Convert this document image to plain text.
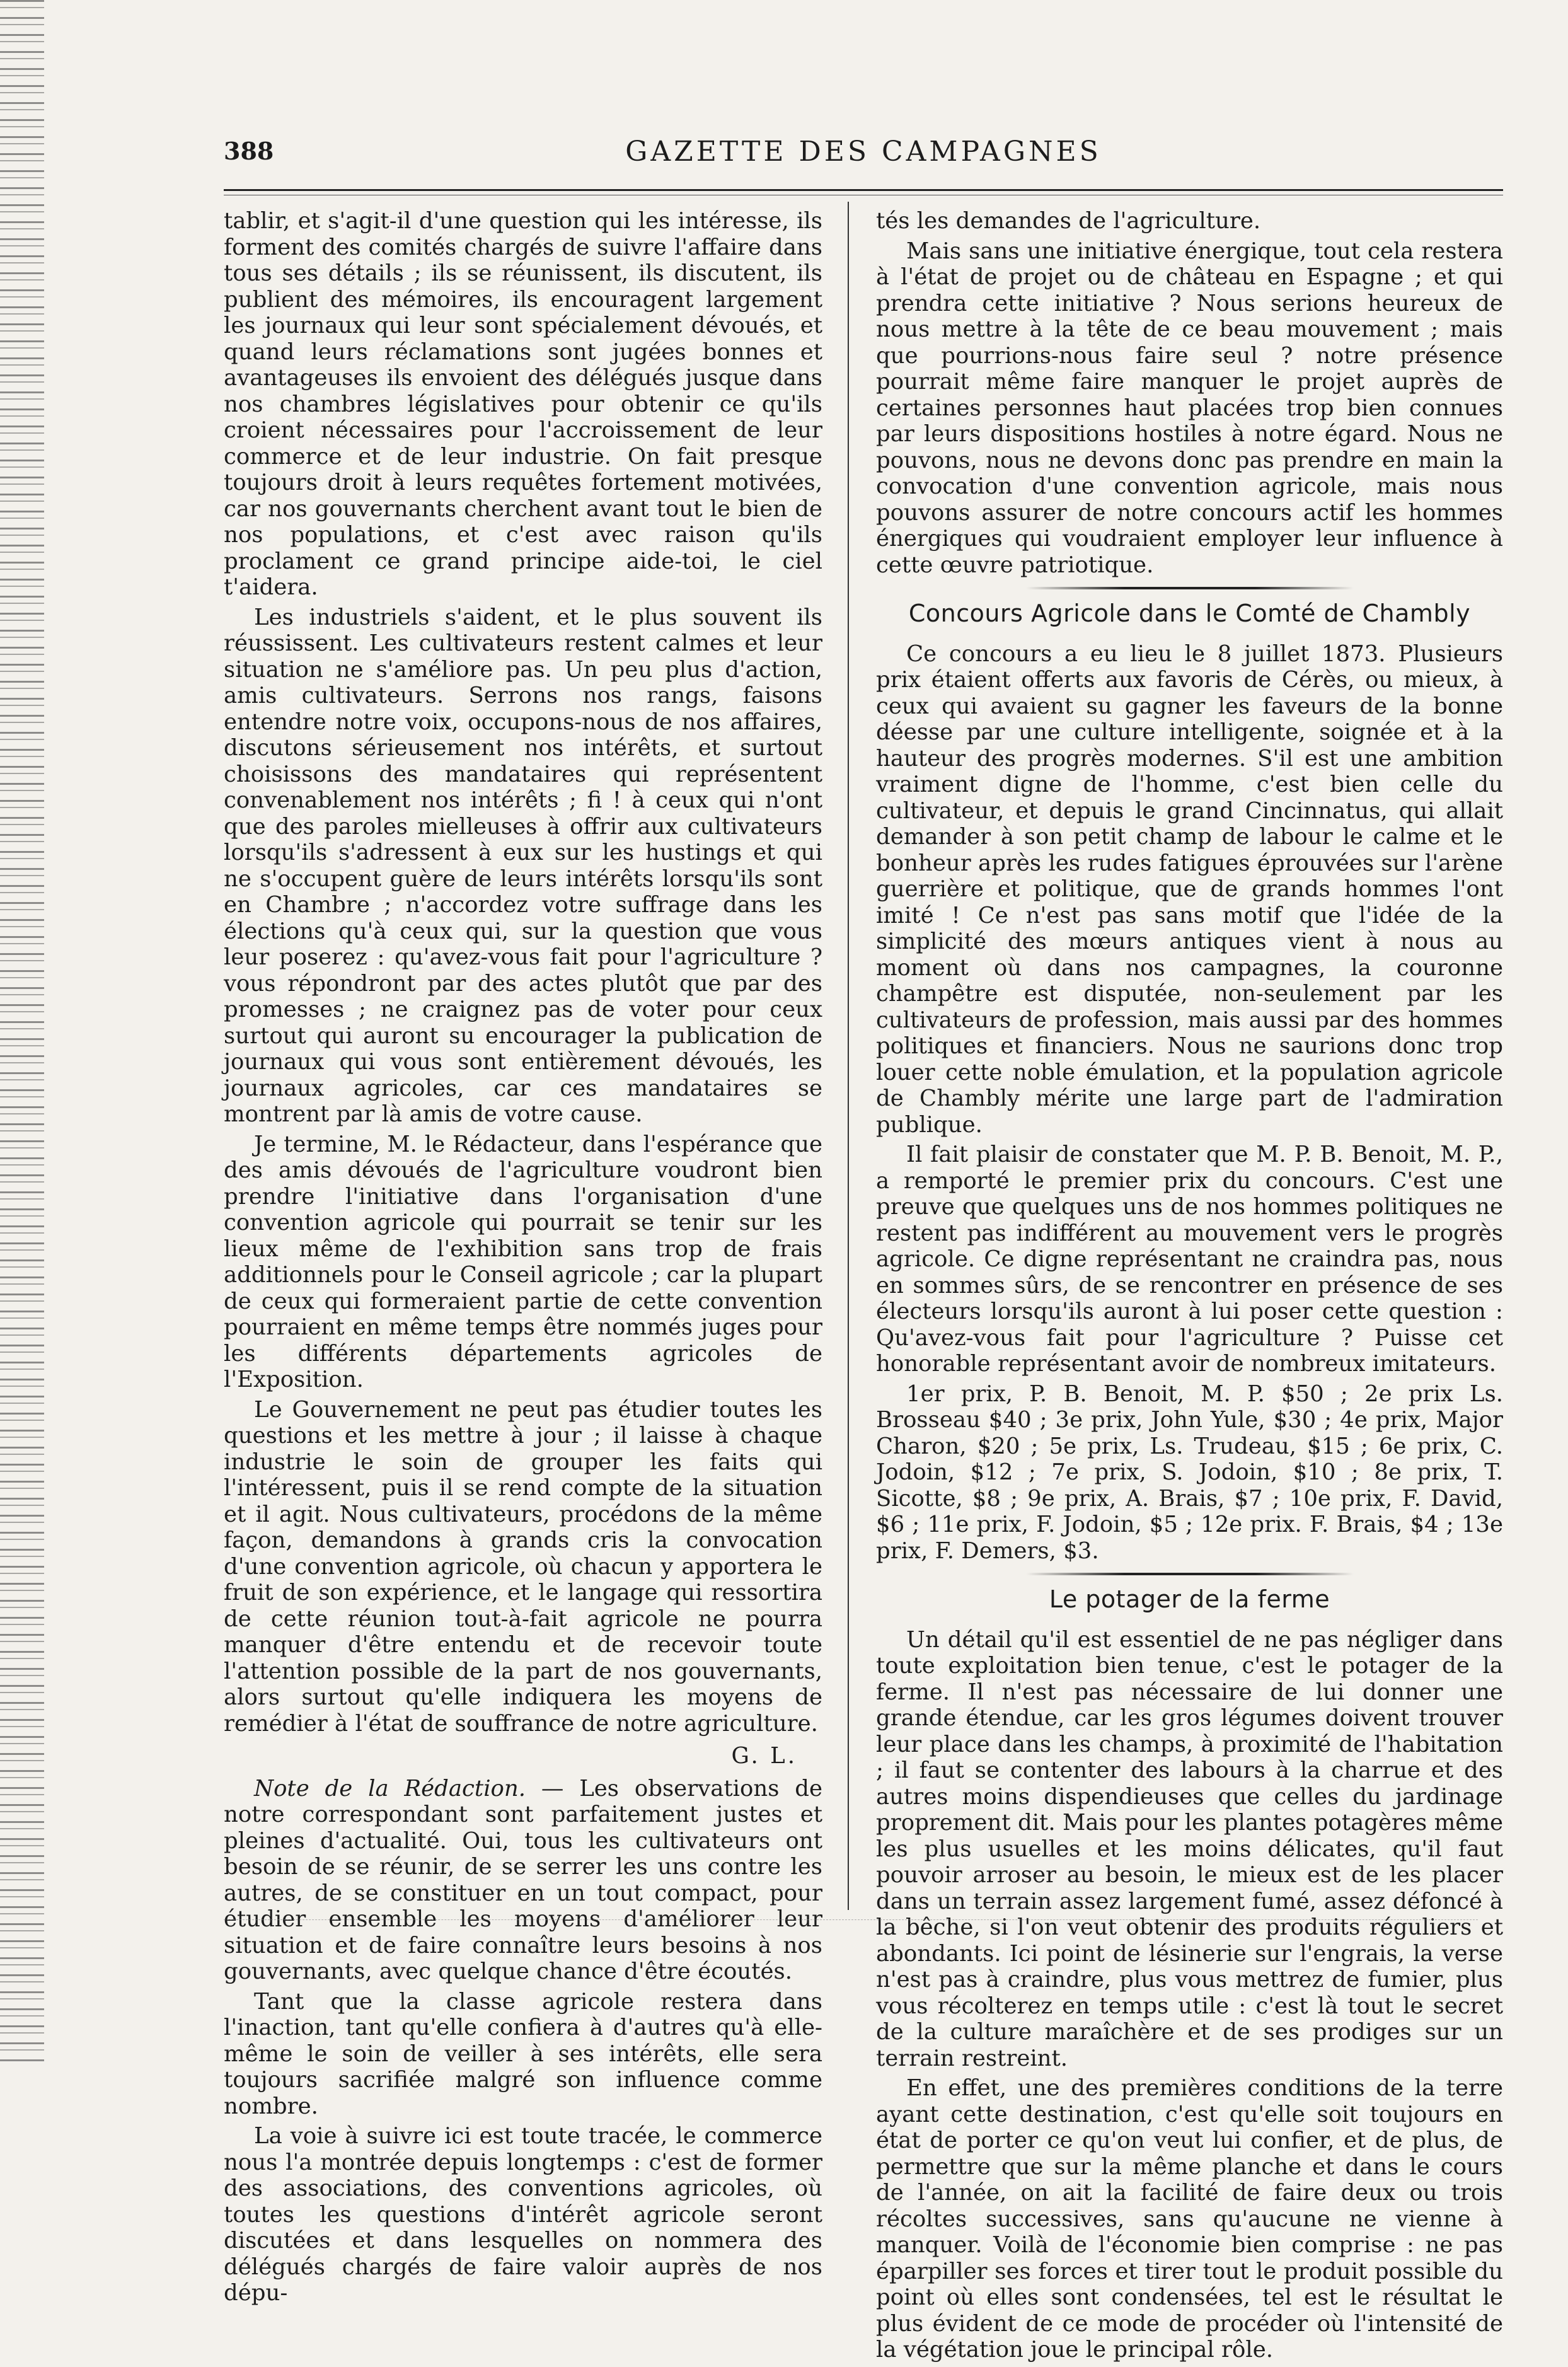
388	GAZETTE DES CAMPAGNES

tablir, et s'agit-il d'une question qui les intéresse, ils forment des comités chargés de suivre l'affaire dans tous ses détails ; ils se réunissent, ils discutent, ils publient des mémoires, ils encouragent largement les journaux qui leur sont spécialement dévoués, et quand leurs réclamations sont jugées bonnes et avantageuses ils envoient des délégués jusque dans nos chambres législatives pour obtenir ce qu'ils croient nécessaires pour l'accroissement de leur commerce et de leur industrie. On fait presque toujours droit à leurs requêtes fortement motivées, car nos gouvernants cherchent avant tout le bien de nos populations, et c'est avec raison qu'ils proclament ce grand principe aide-toi, le ciel t'aidera.

Les industriels s'aident, et le plus souvent ils réussissent. Les cultivateurs restent calmes et leur situation ne s'améliore pas. Un peu plus d'action, amis cultivateurs. Serrons nos rangs, faisons entendre notre voix, occupons-nous de nos affaires, discutons sérieusement nos intérêts, et surtout choisissons des mandataires qui représentent convenablement nos intérêts ; fi ! à ceux qui n'ont que des paroles mielleuses à offrir aux cultivateurs lorsqu'ils s'adressent à eux sur les hustings et qui ne s'occupent guère de leurs intérêts lorsqu'ils sont en Chambre ; n'accordez votre suffrage dans les élections qu'à ceux qui, sur la question que vous leur poserez : qu'avez-vous fait pour l'agriculture ? vous répondront par des actes plutôt que par des promesses ; ne craignez pas de voter pour ceux surtout qui auront su encourager la publication de journaux qui vous sont entièrement dévoués, les journaux agricoles, car ces mandataires se montrent par là amis de votre cause.

Je termine, M. le Rédacteur, dans l'espérance que des amis dévoués de l'agriculture voudront bien prendre l'initiative dans l'organisation d'une convention agricole qui pourrait se tenir sur les lieux même de l'exhibition sans trop de frais additionnels pour le Conseil agricole ; car la plupart de ceux qui formeraient partie de cette convention pourraient en même temps être nommés juges pour les différents départements agricoles de l'Exposition.

Le Gouvernement ne peut pas étudier toutes les questions et les mettre à jour ; il laisse à chaque industrie le soin de grouper les faits qui l'intéressent, puis il se rend compte de la situation et il agit. Nous cultivateurs, procédons de la même façon, demandons à grands cris la convocation d'une convention agricole, où chacun y apportera le fruit de son expérience, et le langage qui ressortira de cette réunion tout-à-fait agricole ne pourra manquer d'être entendu et de recevoir toute l'attention possible de la part de nos gouvernants, alors surtout qu'elle indiquera les moyens de remédier à l'état de souffrance de notre agriculture.

G. L.

Note de la Rédaction. — Les observations de notre correspondant sont parfaitement justes et pleines d'actualité. Oui, tous les cultivateurs ont besoin de se réunir, de se serrer les uns contre les autres, de se constituer en un tout compact, pour étudier ensemble les moyens d'améliorer leur situation et de faire connaître leurs besoins à nos gouvernants, avec quelque chance d'être écoutés.

Tant que la classe agricole restera dans l'inaction, tant qu'elle confiera à d'autres qu'à elle-même le soin de veiller à ses intérêts, elle sera toujours sacrifiée malgré son influence comme nombre.

La voie à suivre ici est toute tracée, le commerce nous l'a montrée depuis longtemps : c'est de former des associations, des conventions agricoles, où toutes les questions d'intérêt agricole seront discutées et dans lesquelles on nommera des délégués chargés de faire valoir auprès de nos dépu-

tés les demandes de l'agriculture.

Mais sans une initiative énergique, tout cela restera à l'état de projet ou de château en Espagne ; et qui prendra cette initiative ? Nous serions heureux de nous mettre à la tête de ce beau mouvement ; mais que pourrions-nous faire seul ? notre présence pourrait même faire manquer le projet auprès de certaines personnes haut placées trop bien connues par leurs dispositions hostiles à notre égard. Nous ne pouvons, nous ne devons donc pas prendre en main la convocation d'une convention agricole, mais nous pouvons assurer de notre concours actif les hommes énergiques qui voudraient employer leur influence à cette œuvre patriotique.

Concours Agricole dans le Comté de Chambly

Ce concours a eu lieu le 8 juillet 1873. Plusieurs prix étaient offerts aux favoris de Cérès, ou mieux, à ceux qui avaient su gagner les faveurs de la bonne déesse par une culture intelligente, soignée et à la hauteur des progrès modernes. S'il est une ambition vraiment digne de l'homme, c'est bien celle du cultivateur, et depuis le grand Cincinnatus, qui allait demander à son petit champ de labour le calme et le bonheur après les rudes fatigues éprouvées sur l'arène guerrière et politique, que de grands hommes l'ont imité ! Ce n'est pas sans motif que l'idée de la simplicité des mœurs antiques vient à nous au moment où dans nos campagnes, la couronne champêtre est disputée, non-seulement par les cultivateurs de profession, mais aussi par des hommes politiques et financiers. Nous ne saurions donc trop louer cette noble émulation, et la population agricole de Chambly mérite une large part de l'admiration publique.

Il fait plaisir de constater que M. P. B. Benoit, M. P., a remporté le premier prix du concours. C'est une preuve que quelques uns de nos hommes politiques ne restent pas indifférent au mouvement vers le progrès agricole. Ce digne représentant ne craindra pas, nous en sommes sûrs, de se rencontrer en présence de ses électeurs lorsqu'ils auront à lui poser cette question : Qu'avez-vous fait pour l'agriculture ? Puisse cet honorable représentant avoir de nombreux imitateurs.

1er prix, P. B. Benoit, M. P. $50 ; 2e prix Ls. Brosseau $40 ; 3e prix, John Yule, $30 ; 4e prix, Major Charon, $20 ; 5e prix, Ls. Trudeau, $15 ; 6e prix, C. Jodoin, $12 ; 7e prix, S. Jodoin, $10 ; 8e prix, T. Sicotte, $8 ; 9e prix, A. Brais, $7 ; 10e prix, F. David, $6 ; 11e prix, F. Jodoin, $5 ; 12e prix. F. Brais, $4 ; 13e prix, F. Demers, $3.

Le potager de la ferme

Un détail qu'il est essentiel de ne pas négliger dans toute exploitation bien tenue, c'est le potager de la ferme. Il n'est pas nécessaire de lui donner une grande étendue, car les gros légumes doivent trouver leur place dans les champs, à proximité de l'habitation ; il faut se contenter des labours à la charrue et des autres moins dispendieuses que celles du jardinage proprement dit. Mais pour les plantes potagères même les plus usuelles et les moins délicates, qu'il faut pouvoir arroser au besoin, le mieux est de les placer dans un terrain assez largement fumé, assez défoncé à la bêche, si l'on veut obtenir des produits réguliers et abondants. Ici point de lésinerie sur l'engrais, la verse n'est pas à craindre, plus vous mettrez de fumier, plus vous récolterez en temps utile : c'est là tout le secret de la culture maraîchère et de ses prodiges sur un terrain restreint.

En effet, une des premières conditions de la terre ayant cette destination, c'est qu'elle soit toujours en état de porter ce qu'on veut lui confier, et de plus, de permettre que sur la même planche et dans le cours de l'année, on ait la facilité de faire deux ou trois récoltes successives, sans qu'aucune ne vienne à manquer. Voilà de l'économie bien comprise : ne pas éparpiller ses forces et tirer tout le produit possible du point où elles sont condensées, tel est le résultat le plus évident de ce mode de procéder où l'intensité de la végétation joue le principal rôle.
